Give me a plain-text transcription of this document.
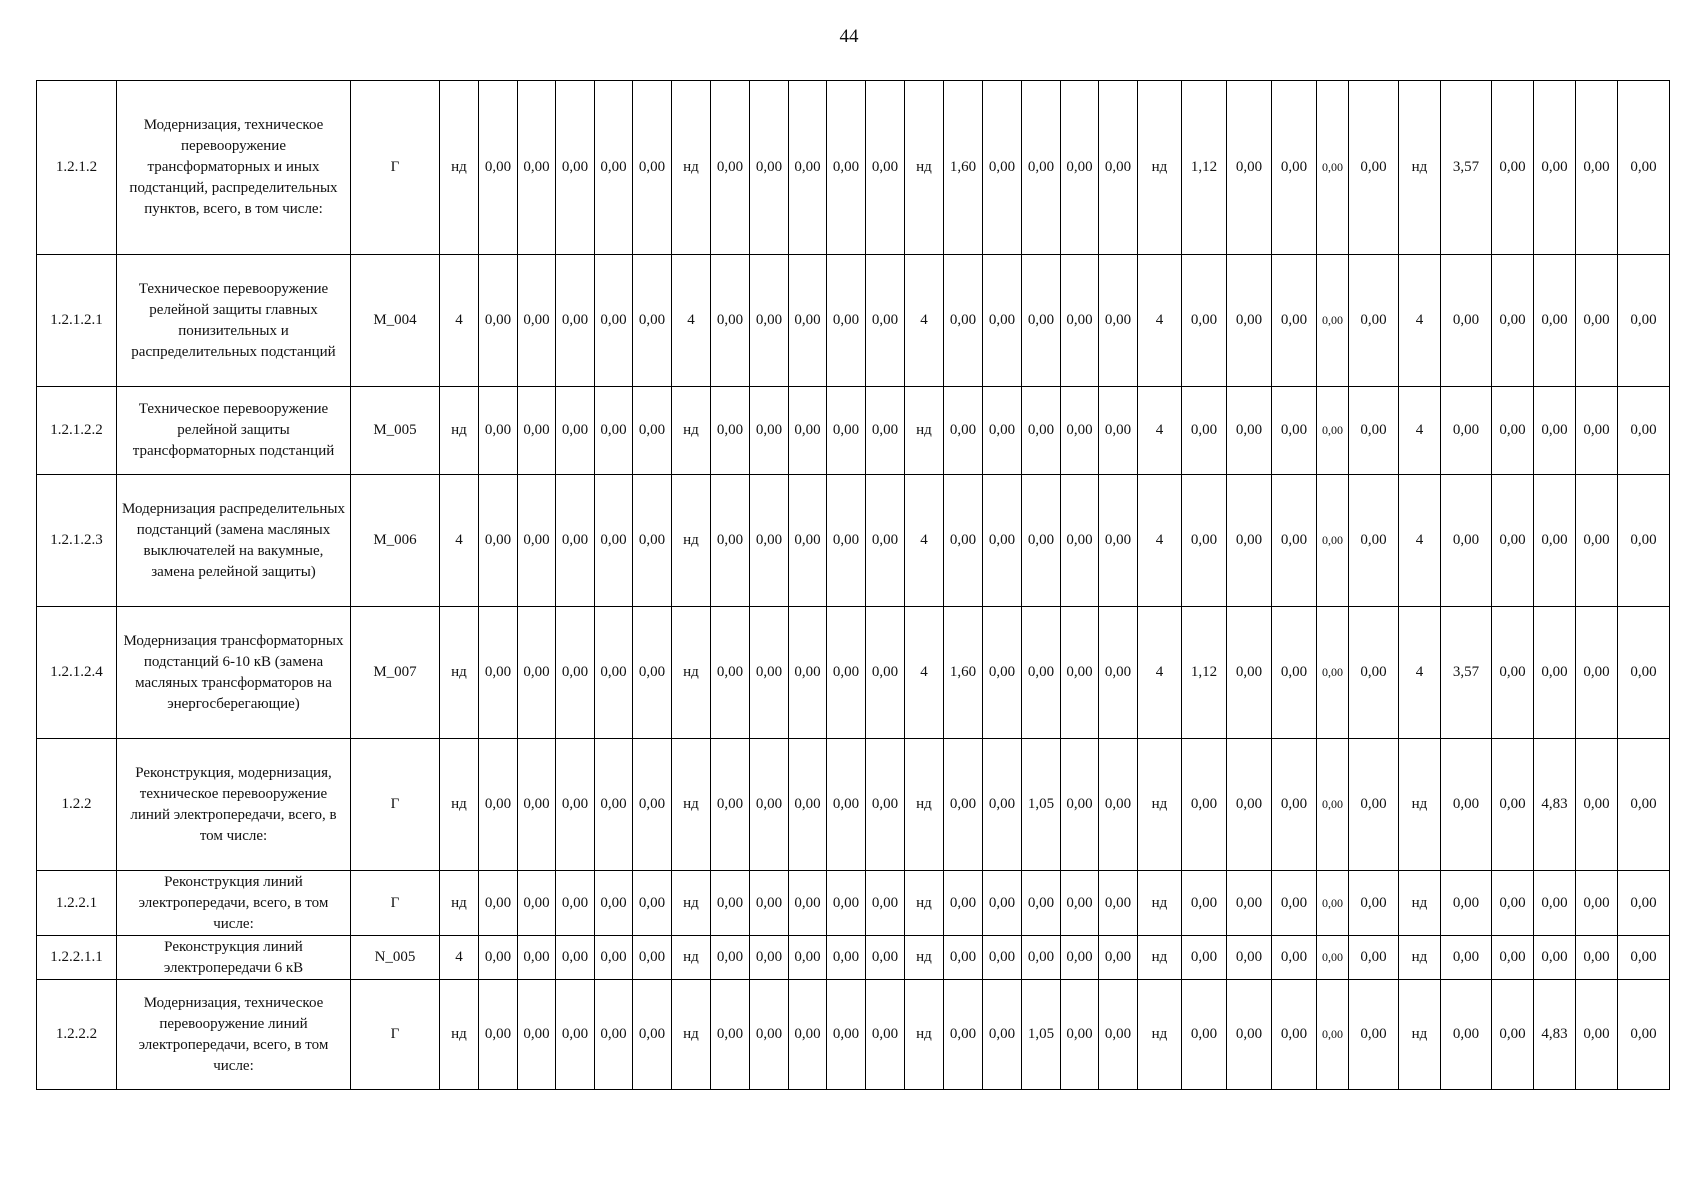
44
1.2.1.2	Модернизация, техническое перевооружение трансформаторных и иных подстанций, распределительных пунктов, всего, в том числе:	Г	нд	0,00	0,00	0,00	0,00	0,00	нд	0,00	0,00	0,00	0,00	0,00	нд	1,60	0,00	0,00	0,00	0,00	нд	1,12	0,00	0,00	0,00	0,00	нд	3,57	0,00	0,00	0,00	0,00
1.2.1.2.1	Техническое перевооружение релейной защиты главных понизительных и распределительных подстанций	M_004	4	0,00	0,00	0,00	0,00	0,00	4	0,00	0,00	0,00	0,00	0,00	4	0,00	0,00	0,00	0,00	0,00	4	0,00	0,00	0,00	0,00	0,00	4	0,00	0,00	0,00	0,00	0,00
1.2.1.2.2	Техническое перевооружение релейной защиты трансформаторных подстанций	M_005	нд	0,00	0,00	0,00	0,00	0,00	нд	0,00	0,00	0,00	0,00	0,00	нд	0,00	0,00	0,00	0,00	0,00	4	0,00	0,00	0,00	0,00	0,00	4	0,00	0,00	0,00	0,00	0,00
1.2.1.2.3	Модернизация распределительных подстанций (замена масляных выключателей на вакумные, замена релейной защиты)	M_006	4	0,00	0,00	0,00	0,00	0,00	нд	0,00	0,00	0,00	0,00	0,00	4	0,00	0,00	0,00	0,00	0,00	4	0,00	0,00	0,00	0,00	0,00	4	0,00	0,00	0,00	0,00	0,00
1.2.1.2.4	Модернизация трансформаторных подстанций 6-10 кВ (замена масляных трансформаторов на энергосберегающие)	M_007	нд	0,00	0,00	0,00	0,00	0,00	нд	0,00	0,00	0,00	0,00	0,00	4	1,60	0,00	0,00	0,00	0,00	4	1,12	0,00	0,00	0,00	0,00	4	3,57	0,00	0,00	0,00	0,00
1.2.2	Реконструкция, модернизация, техническое перевооружение линий электропередачи, всего, в том числе:	Г	нд	0,00	0,00	0,00	0,00	0,00	нд	0,00	0,00	0,00	0,00	0,00	нд	0,00	0,00	1,05	0,00	0,00	нд	0,00	0,00	0,00	0,00	0,00	нд	0,00	0,00	4,83	0,00	0,00
1.2.2.1	Реконструкция линий электропередачи, всего, в том числе:	Г	нд	0,00	0,00	0,00	0,00	0,00	нд	0,00	0,00	0,00	0,00	0,00	нд	0,00	0,00	0,00	0,00	0,00	нд	0,00	0,00	0,00	0,00	0,00	нд	0,00	0,00	0,00	0,00	0,00
1.2.2.1.1	Реконструкция линий электропередачи 6 кВ	N_005	4	0,00	0,00	0,00	0,00	0,00	нд	0,00	0,00	0,00	0,00	0,00	нд	0,00	0,00	0,00	0,00	0,00	нд	0,00	0,00	0,00	0,00	0,00	нд	0,00	0,00	0,00	0,00	0,00
1.2.2.2	Модернизация, техническое перевооружение линий электропередачи, всего, в том числе:	Г	нд	0,00	0,00	0,00	0,00	0,00	нд	0,00	0,00	0,00	0,00	0,00	нд	0,00	0,00	1,05	0,00	0,00	нд	0,00	0,00	0,00	0,00	0,00	нд	0,00	0,00	4,83	0,00	0,00
